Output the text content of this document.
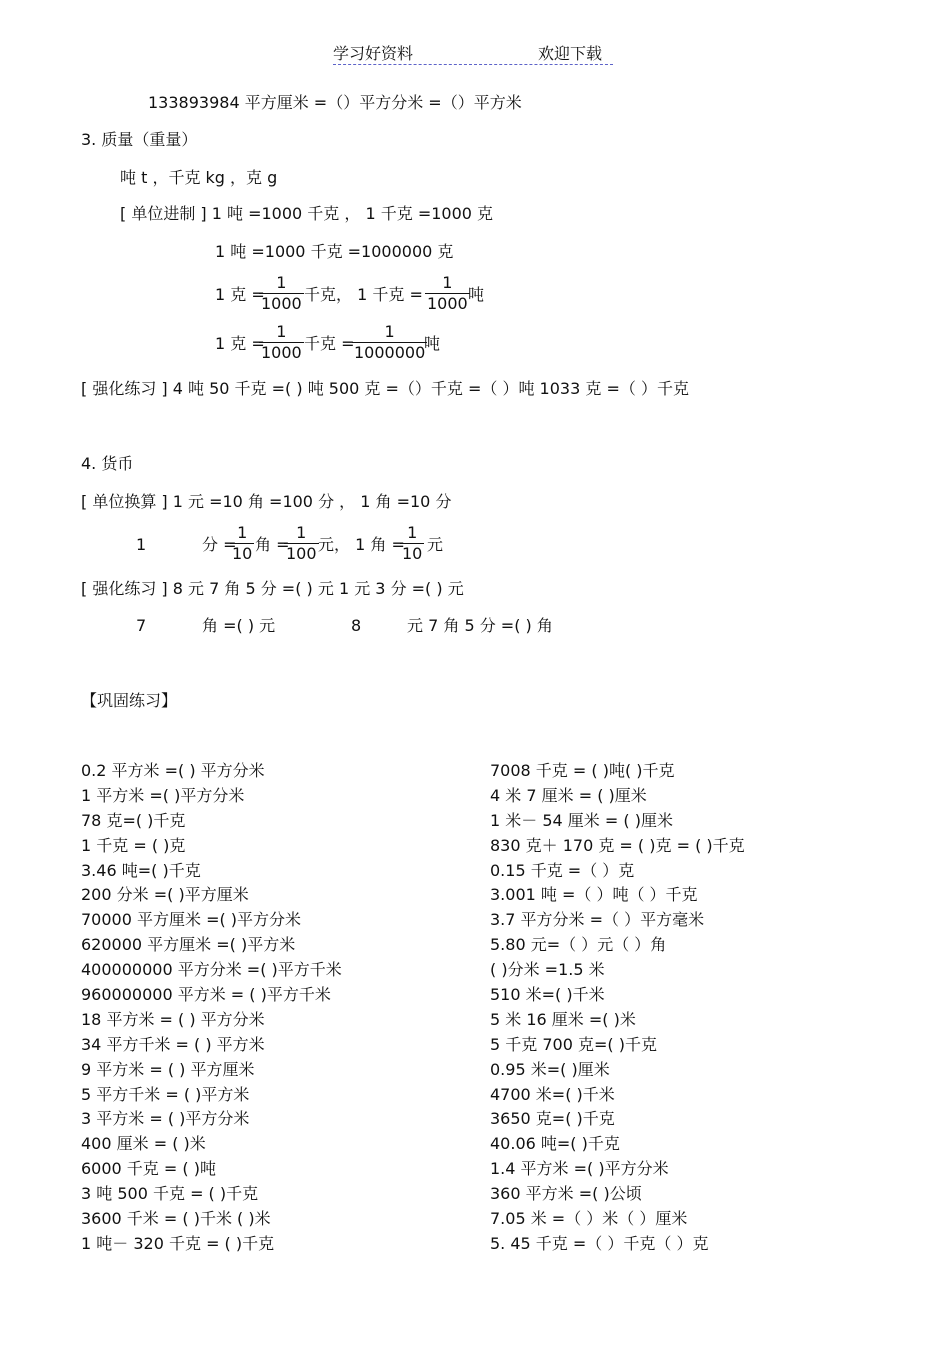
学习好资料	欢迎下载
133893984 平方厘米 =（）平方分米 =（）平方米
3. 质量（重量）
吨 t ，千克 kg ，克 g
[ 单位进制 ] 1 吨 =1000 千克 ， 1 千克 =1000 克
1 吨 =1000 千克 =1000000 克
1 克 =
$\frac{1}{1000}$ 千克， 1 千克 = $\frac{1}{1000}$
吨
1 克 =
$\frac{1}{1000}$ 千克 =
$\frac{1}{1000000}$
吨
[ 强化练习 ] 4 吨 50 千克 =( ) 吨 500 克 =（）千克 =（ ）吨 1033 克 =（ ）千克
4. 货币
[ 单位换算 ] 1 元 =10 角 =100 分 ， 1 角 =10 分
1	分 =
$\frac{1}{10}$ 角 =
$\frac{1}{100}$ 元， 1 角 =
$\frac{1}{10}$ 元
[ 强化练习 ] 8 元 7 角 5 分 =( ) 元 1 元 3 分 =( ) 元
7	角 =( ) 元	8	元 7 角 5 分 =( ) 角
【巩固练习】
0.2 平方米 =( ) 平方分米
1 平方米 =( )平方分米
78 克=( )千克
1 千克 = ( )克
3.46 吨=( )千克
200 分米 =( )平方厘米
70000 平方厘米 =( )平方分米
620000 平方厘米 =( )平方米
400000000 平方分米 =( )平方千米
960000000 平方米 = ( )平方千米
18 平方米 = ( ) 平方分米
34 平方千米 = ( ) 平方米
9 平方米 = ( ) 平方厘米
5 平方千米 = ( )平方米
3 平方米 = ( )平方分米
400 厘米 = ( )米
6000 千克 = ( )吨
3 吨 500 千克 = ( )千克
3600 千米 = ( )千米 ( )米
1 吨－ 320 千克 = ( )千克
7008 千克 = ( )吨( )千克
4 米 7 厘米 = ( )厘米
1 米－ 54 厘米 = ( )厘米
830 克＋ 170 克 = ( )克 = ( )千克
0.15 千克 =（ ）克
3.001 吨 =（ ）吨（ ）千克
3.7 平方分米 =（ ）平方毫米
5.80 元=（ ）元（ ）角
( )分米 =1.5 米
510 米=( )千米
5 米 16 厘米 =( )米
5 千克 700 克=( )千克
0.95 米=( )厘米
4700 米=( )千米
3650 克=( )千克
40.06 吨=( )千克
1.4 平方米 =( )平方分米
360 平方米 =( )公顷
7.05 米 =（ ）米（ ）厘米
5. 45 千克 =（ ）千克（ ）克
